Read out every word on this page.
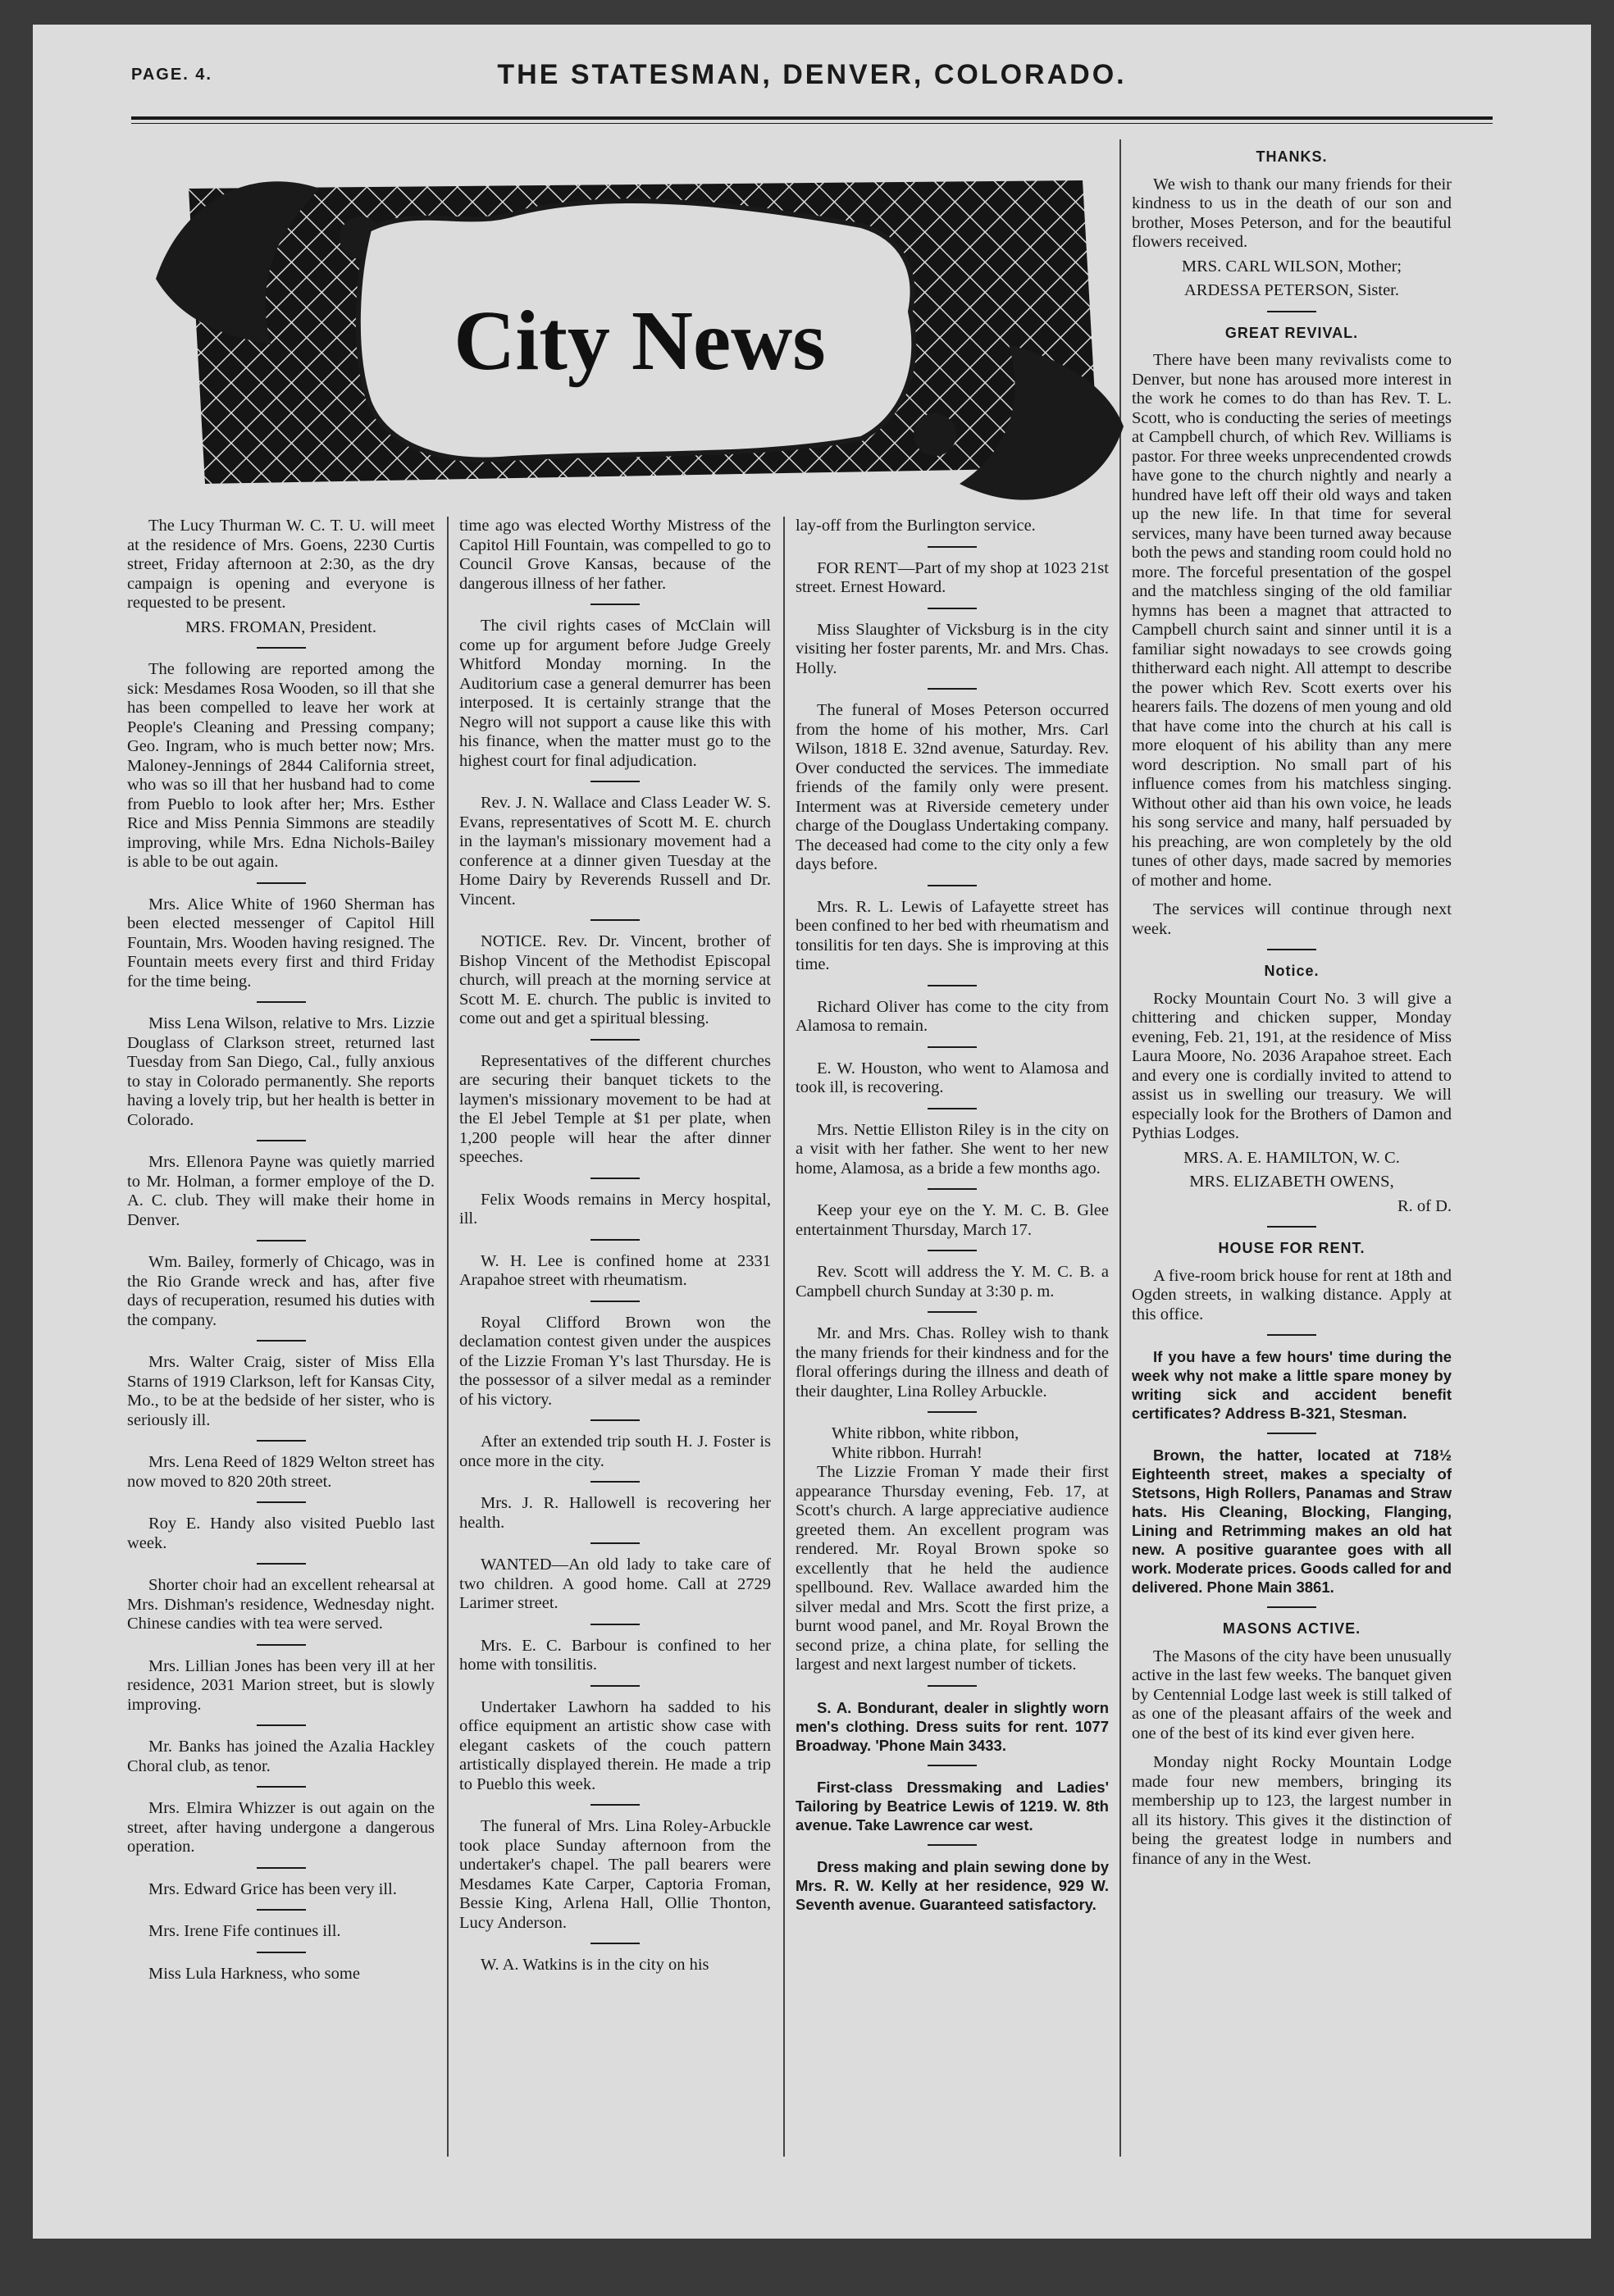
PAGE. 4.	THE STATESMAN, DENVER, COLORADO.
City News

The Lucy Thurman W. C. T. U. will meet at the residence of Mrs. Goens, 2230 Curtis street, Friday afternoon at 2:30, as the dry campaign is opening and everyone is requested to be present.

MRS. FROMAN, President.

The following are reported among the sick: Mesdames Rosa Wooden, so ill that she has been compelled to leave her work at People's Cleaning and Pressing company; Geo. Ingram, who is much better now; Mrs. Maloney-Jennings of 2844 California street, who was so ill that her husband had to come from Pueblo to look after her; Mrs. Esther Rice and Miss Pennia Simmons are steadily improving, while Mrs. Edna Nichols-Bailey is able to be out again.

Mrs. Alice White of 1960 Sherman has been elected messenger of Capitol Hill Fountain, Mrs. Wooden having resigned. The Fountain meets every first and third Friday for the time being.

Miss Lena Wilson, relative to Mrs. Lizzie Douglass of Clarkson street, returned last Tuesday from San Diego, Cal., fully anxious to stay in Colorado permanently. She reports having a lovely trip, but her health is better in Colorado.

Mrs. Ellenora Payne was quietly married to Mr. Holman, a former employe of the D. A. C. club. They will make their home in Denver.

Wm. Bailey, formerly of Chicago, was in the Rio Grande wreck and has, after five days of recuperation, resumed his duties with the company.

Mrs. Walter Craig, sister of Miss Ella Starns of 1919 Clarkson, left for Kansas City, Mo., to be at the bedside of her sister, who is seriously ill.

Mrs. Lena Reed of 1829 Welton street has now moved to 820 20th street.

Roy E. Handy also visited Pueblo last week.

Shorter choir had an excellent rehearsal at Mrs. Dishman's residence, Wednesday night. Chinese candies with tea were served.

Mrs. Lillian Jones has been very ill at her residence, 2031 Marion street, but is slowly improving.

Mr. Banks has joined the Azalia Hackley Choral club, as tenor.

Mrs. Elmira Whizzer is out again on the street, after having undergone a dangerous operation.

Mrs. Edward Grice has been very ill.

Mrs. Irene Fife continues ill.

Miss Lula Harkness, who some

time ago was elected Worthy Mistress of the Capitol Hill Fountain, was compelled to go to Council Grove Kansas, because of the dangerous illness of her father.

The civil rights cases of McClain will come up for argument before Judge Greely Whitford Monday morning. In the Auditorium case a general demurrer has been interposed. It is certainly strange that the Negro will not support a cause like this with his finance, when the matter must go to the highest court for final adjudication.

Rev. J. N. Wallace and Class Leader W. S. Evans, representatives of Scott M. E. church in the layman's missionary movement had a conference at a dinner given Tuesday at the Home Dairy by Reverends Russell and Dr. Vincent.

NOTICE. Rev. Dr. Vincent, brother of Bishop Vincent of the Methodist Episcopal church, will preach at the morning service at Scott M. E. church. The public is invited to come out and get a spiritual blessing.

Representatives of the different churches are securing their banquet tickets to the laymen's missionary movement to be had at the El Jebel Temple at $1 per plate, when 1,200 people will hear the after dinner speeches.

Felix Woods remains in Mercy hospital, ill.

W. H. Lee is confined home at 2331 Arapahoe street with rheumatism.

Royal Clifford Brown won the declamation contest given under the auspices of the Lizzie Froman Y's last Thursday. He is the possessor of a silver medal as a reminder of his victory.

After an extended trip south H. J. Foster is once more in the city.

Mrs. J. R. Hallowell is recovering her health.

WANTED—An old lady to take care of two children. A good home. Call at 2729 Larimer street.

Mrs. E. C. Barbour is confined to her home with tonsilitis.

Undertaker Lawhorn ha sadded to his office equipment an artistic show case with elegant caskets of the couch pattern artistically displayed therein. He made a trip to Pueblo this week.

The funeral of Mrs. Lina Roley-Arbuckle took place Sunday afternoon from the undertaker's chapel. The pall bearers were Mesdames Kate Carper, Captoria Froman, Bessie King, Arlena Hall, Ollie Thonton, Lucy Anderson.

W. A. Watkins is in the city on his

lay-off from the Burlington service.

FOR RENT—Part of my shop at 1023 21st street. Ernest Howard.

Miss Slaughter of Vicksburg is in the city visiting her foster parents, Mr. and Mrs. Chas. Holly.

The funeral of Moses Peterson occurred from the home of his mother, Mrs. Carl Wilson, 1818 E. 32nd avenue, Saturday. Rev. Over conducted the services. The immediate friends of the family only were present. Interment was at Riverside cemetery under charge of the Douglass Undertaking company. The deceased had come to the city only a few days before.

Mrs. R. L. Lewis of Lafayette street has been confined to her bed with rheumatism and tonsilitis for ten days. She is improving at this time.

Richard Oliver has come to the city from Alamosa to remain.

E. W. Houston, who went to Alamosa and took ill, is recovering.

Mrs. Nettie Elliston Riley is in the city on a visit with her father. She went to her new home, Alamosa, as a bride a few months ago.

Keep your eye on the Y. M. C. B. Glee entertainment Thursday, March 17.

Rev. Scott will address the Y. M. C. B. a Campbell church Sunday at 3:30 p. m.

Mr. and Mrs. Chas. Rolley wish to thank the many friends for their kindness and for the floral offerings during the illness and death of their daughter, Lina Rolley Arbuckle.

White ribbon, white ribbon,

White ribbon. Hurrah!

The Lizzie Froman Y made their first appearance Thursday evening, Feb. 17, at Scott's church. A large appreciative audience greeted them. An excellent program was rendered. Mr. Royal Brown spoke so excellently that he held the audience spellbound. Rev. Wallace awarded him the silver medal and Mrs. Scott the first prize, a burnt wood panel, and Mr. Royal Brown the second prize, a china plate, for selling the largest and next largest number of tickets.

S. A. Bondurant, dealer in slightly worn men's clothing. Dress suits for rent. 1077 Broadway. 'Phone Main 3433.

First-class Dressmaking and Ladies' Tailoring by Beatrice Lewis of 1219. W. 8th avenue. Take Lawrence car west.

Dress making and plain sewing done by Mrs. R. W. Kelly at her residence, 929 W. Seventh avenue. Guaranteed satisfactory.

THANKS.

We wish to thank our many friends for their kindness to us in the death of our son and brother, Moses Peterson, and for the beautiful flowers received.

MRS. CARL WILSON, Mother;

ARDESSA PETERSON, Sister.

GREAT REVIVAL.

There have been many revivalists come to Denver, but none has aroused more interest in the work he comes to do than has Rev. T. L. Scott, who is conducting the series of meetings at Campbell church, of which Rev. Williams is pastor. For three weeks unprecendented crowds have gone to the church nightly and nearly a hundred have left off their old ways and taken up the new life. In that time for several services, many have been turned away because both the pews and standing room could hold no more. The forceful presentation of the gospel and the matchless singing of the old familiar hymns has been a magnet that attracted to Campbell church saint and sinner until it is a familiar sight nowadays to see crowds going thitherward each night. All attempt to describe the power which Rev. Scott exerts over his hearers fails. The dozens of men young and old that have come into the church at his call is more eloquent of his ability than any mere word description. No small part of his influence comes from his matchless singing. Without other aid than his own voice, he leads his song service and many, half persuaded by his preaching, are won completely by the old tunes of other days, made sacred by memories of mother and home.

The services will continue through next week.

Notice.

Rocky Mountain Court No. 3 will give a chittering and chicken supper, Monday evening, Feb. 21, 191, at the residence of Miss Laura Moore, No. 2036 Arapahoe street. Each and every one is cordially invited to attend to assist us in swelling our treasury. We will especially look for the Brothers of Damon and Pythias Lodges.

MRS. A. E. HAMILTON, W. C.

MRS. ELIZABETH OWENS,

R. of D.

HOUSE FOR RENT.

A five-room brick house for rent at 18th and Ogden streets, in walking distance. Apply at this office.

If you have a few hours' time during the week why not make a little spare money by writing sick and accident benefit certificates? Address B-321, Stesman.

Brown, the hatter, located at 718½ Eighteenth street, makes a specialty of Stetsons, High Rollers, Panamas and Straw hats. His Cleaning, Blocking, Flanging, Lining and Retrimming makes an old hat new. A positive guarantee goes with all work. Moderate prices. Goods called for and delivered. Phone Main 3861.

MASONS ACTIVE.

The Masons of the city have been unusually active in the last few weeks. The banquet given by Centennial Lodge last week is still talked of as one of the pleasant affairs of the week and one of the best of its kind ever given here.

Monday night Rocky Mountain Lodge made four new members, bringing its membership up to 123, the largest number in all its history. This gives it the distinction of being the greatest lodge in numbers and finance of any in the West.
